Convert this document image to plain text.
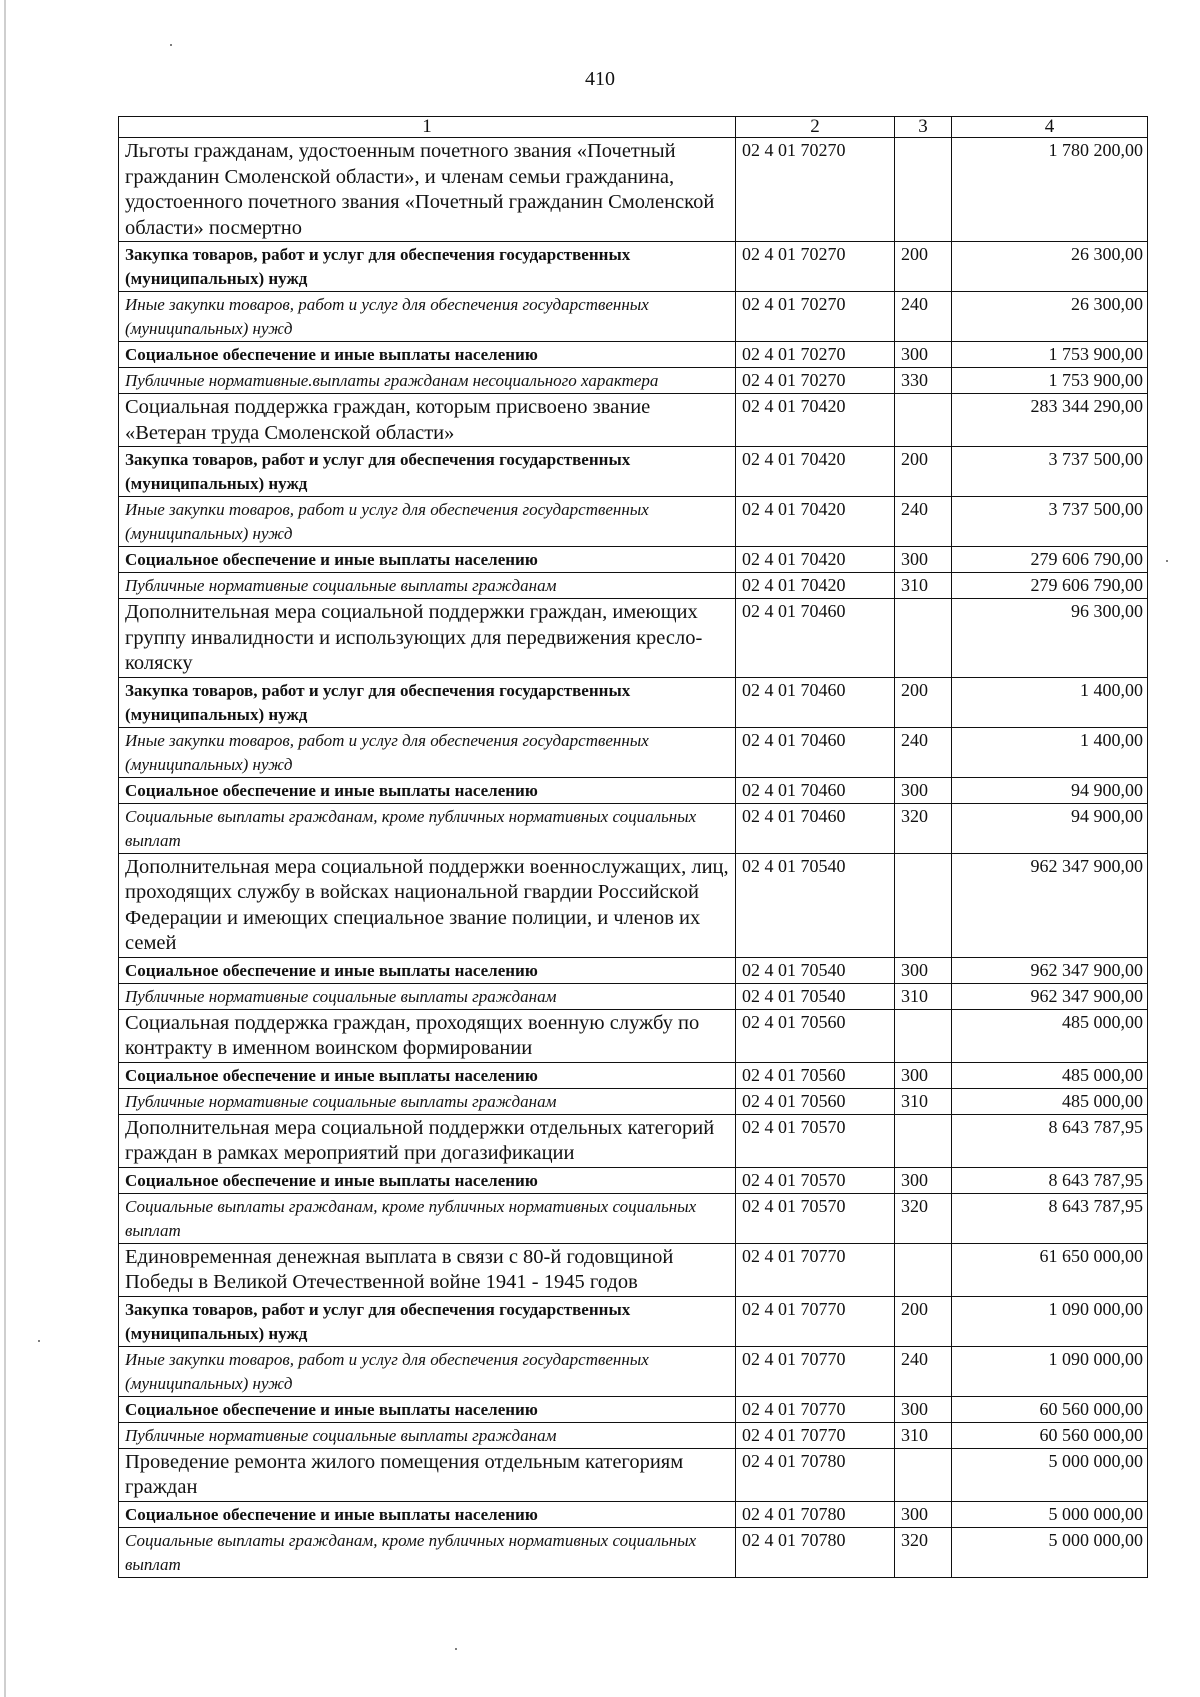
410
1	2	3	4
Льготы гражданам, удостоенным почетного звания «Почетный гражданин Смоленской области», и членам семьи гражданина, удостоенного почетного звания «Почетный гражданин Смоленской области» посмертно	02 4 01 70270		1 780 200,00
Закупка товаров, работ и услуг для обеспечения государственных (муниципальных) нужд	02 4 01 70270	200	26 300,00
Иные закупки товаров, работ и услуг для обеспечения государственных (муниципальных) нужд	02 4 01 70270	240	26 300,00
Социальное обеспечение и иные выплаты населению	02 4 01 70270	300	1 753 900,00
Публичные нормативные.выплаты гражданам несоциального характера	02 4 01 70270	330	1 753 900,00
Социальная поддержка граждан, которым присвоено звание «Ветеран труда Смоленской области»	02 4 01 70420		283 344 290,00
Закупка товаров, работ и услуг для обеспечения государственных (муниципальных) нужд	02 4 01 70420	200	3 737 500,00
Иные закупки товаров, работ и услуг для обеспечения государственных (муниципальных) нужд	02 4 01 70420	240	3 737 500,00
Социальное обеспечение и иные выплаты населению	02 4 01 70420	300	279 606 790,00
Публичные нормативные социальные выплаты гражданам	02 4 01 70420	310	279 606 790,00
Дополнительная мера социальной поддержки граждан, имеющих группу инвалидности и использующих для передвижения кресло-коляску	02 4 01 70460		96 300,00
Закупка товаров, работ и услуг для обеспечения государственных (муниципальных) нужд	02 4 01 70460	200	1 400,00
Иные закупки товаров, работ и услуг для обеспечения государственных (муниципальных) нужд	02 4 01 70460	240	1 400,00
Социальное обеспечение и иные выплаты населению	02 4 01 70460	300	94 900,00
Социальные выплаты гражданам, кроме публичных нормативных социальных выплат	02 4 01 70460	320	94 900,00
Дополнительная мера социальной поддержки военнослужащих, лиц, проходящих службу в войсках национальной гвардии Российской Федерации и имеющих специальное звание полиции, и членов их семей	02 4 01 70540		962 347 900,00
Социальное обеспечение и иные выплаты населению	02 4 01 70540	300	962 347 900,00
Публичные нормативные социальные выплаты гражданам	02 4 01 70540	310	962 347 900,00
Социальная поддержка граждан, проходящих военную службу по контракту в именном воинском формировании	02 4 01 70560		485 000,00
Социальное обеспечение и иные выплаты населению	02 4 01 70560	300	485 000,00
Публичные нормативные социальные выплаты гражданам	02 4 01 70560	310	485 000,00
Дополнительная мера социальной поддержки отдельных категорий граждан в рамках мероприятий при догазификации	02 4 01 70570		8 643 787,95
Социальное обеспечение и иные выплаты населению	02 4 01 70570	300	8 643 787,95
Социальные выплаты гражданам, кроме публичных нормативных социальных выплат	02 4 01 70570	320	8 643 787,95
Единовременная денежная выплата в связи с 80-й годовщиной Победы в Великой Отечественной войне 1941 - 1945 годов	02 4 01 70770		61 650 000,00
Закупка товаров, работ и услуг для обеспечения государственных (муниципальных) нужд	02 4 01 70770	200	1 090 000,00
Иные закупки товаров, работ и услуг для обеспечения государственных (муниципальных) нужд	02 4 01 70770	240	1 090 000,00
Социальное обеспечение и иные выплаты населению	02 4 01 70770	300	60 560 000,00
Публичные нормативные социальные выплаты гражданам	02 4 01 70770	310	60 560 000,00
Проведение ремонта жилого помещения отдельным категориям граждан	02 4 01 70780		5 000 000,00
Социальное обеспечение и иные выплаты населению	02 4 01 70780	300	5 000 000,00
Социальные выплаты гражданам, кроме публичных нормативных социальных выплат	02 4 01 70780	320	5 000 000,00
